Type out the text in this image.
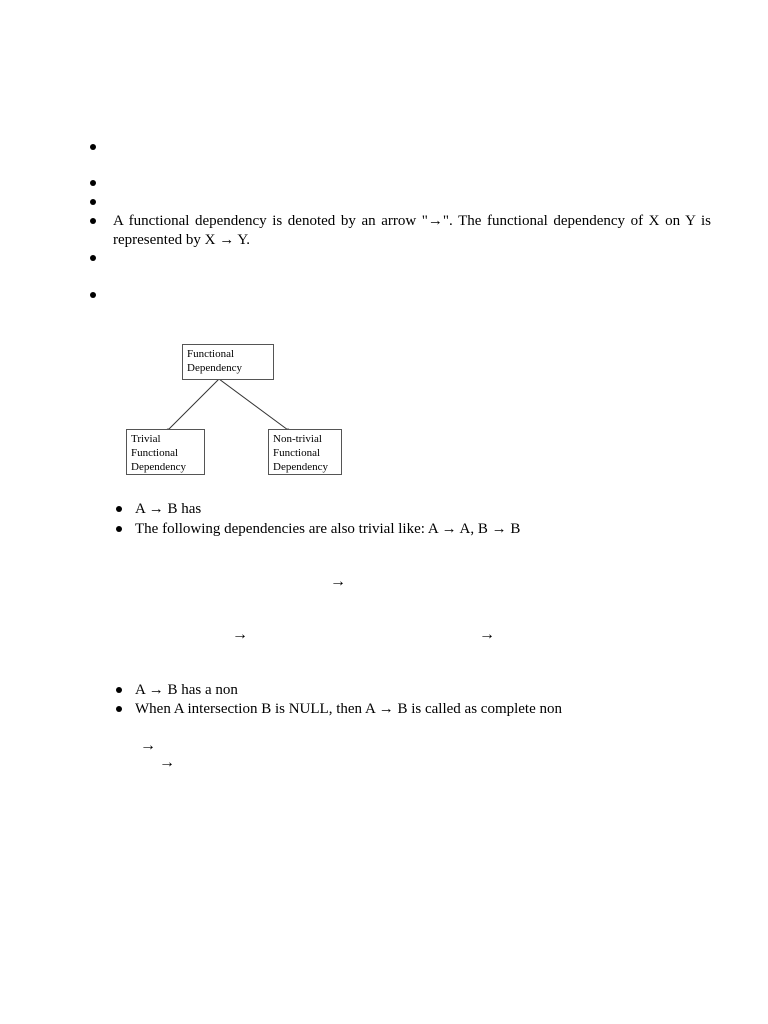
A functional dependency is denoted by an arrow "→". The functional dependency of X on Y is represented by X → Y.
Functional
Dependency
Trivial
Functional
Dependency
Non-trivial
Functional
Dependency
A → B has
The following dependencies are also trivial like: A → A, B → B
→
→	→
A → B has a non
When A intersection B is NULL, then A → B is called as complete non
→
→
